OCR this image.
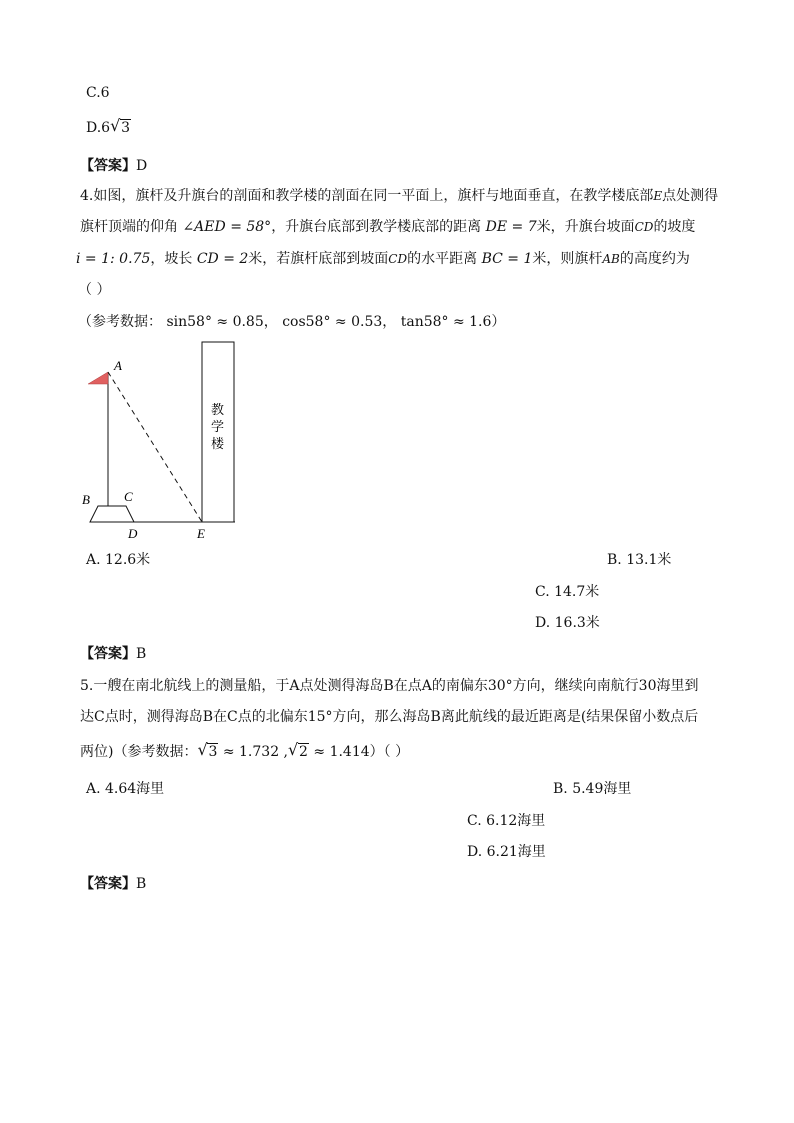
C.6
D.6 √ 3
【答案】D
4.如图，旗杆及升旗台的剖面和教学楼的剖面在同一平面上，旗杆与地面垂直，在教学楼底部E点处测得
旗杆顶端的仰角 ∠AED = 58°，升旗台底部到教学楼底部的距离 DE = 7米，升旗台坡面CD的坡度
i = 1: 0.75，坡长 CD = 2米，若旗杆底部到坡面CD的水平距离 BC = 1米，则旗杆AB的高度约为
（ ）
（参考数据： sin58° ≈ 0.85， cos58° ≈ 0.53， tan58° ≈ 1.6）
A
B	C
D	E
教
学
楼
A. 12.6米	B. 13.1米
C. 14.7米
D. 16.3米
【答案】B
5.一艘在南北航线上的测量船，于A点处测得海岛B在点A的南偏东30°方向，继续向南航行30海里到
达C点时，测得海岛B在C点的北偏东15°方向，那么海岛B离此航线的最近距离是(结果保留小数点后
两位)（参考数据： √ 3 ≈ 1.732 , √ 2 ≈ 1.414）（ ）
A. 4.64海里	B. 5.49海里
C. 6.12海里
D. 6.21海里
【答案】B
